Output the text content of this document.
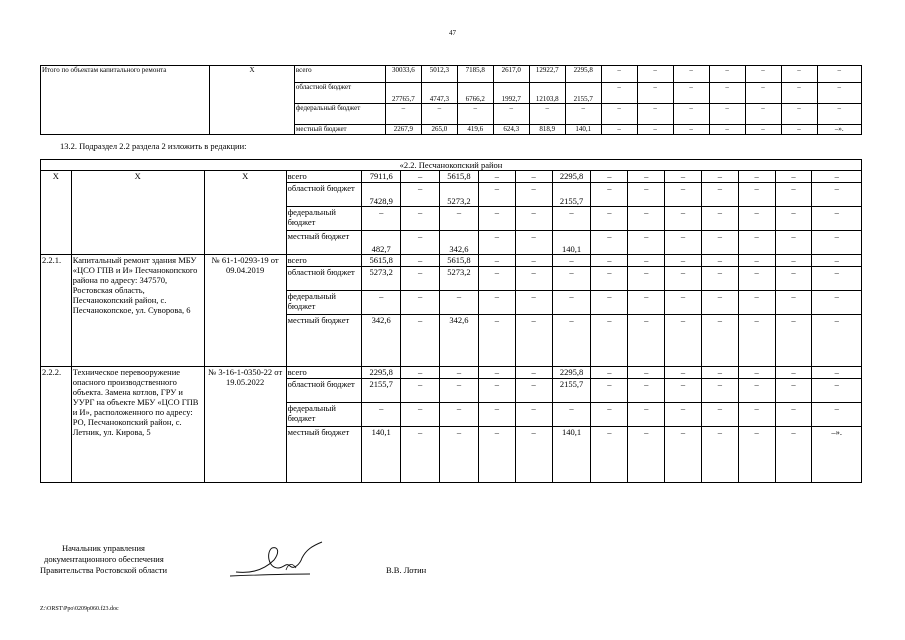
47
Итого по объектам капитального ремонта	Х	всего	30033,6	5012,3	7185,8	2617,0	12922,7	2295,8	–	–	–	–	–	–	–
		областной бюджет	27765,7	4747,3	6766,2	1992,7	12103,8	2155,7	–	–	–	–	–	–	–
		федеральный бюджет	–	–	–	–	–	–	–	–	–	–	–	–	–
		местный бюджет	2267,9	265,0	419,6	624,3	818,9	140,1	–	–	–	–	–	–	–».
13.2. Подраздел 2.2 раздела 2 изложить в редакции:
«2.2. Песчанокопский район																
Х	Х	Х	всего	7911,6	–	5615,8	–	–	2295,8	–	–	–	–	–	–	–
			областной бюджет	7428,9	–	5273,2	–	–	2155,7	–	–	–	–	–	–	–
			федеральный бюджет	–	–	–	–	–	–	–	–	–	–	–	–	–
			местный бюджет	482,7	–	342,6	–	–	140,1	–	–	–	–	–	–	–
2.2.1.	Капитальный ремонт здания МБУ «ЦСО ГПВ и И» Песчанокопского района по адресу: 347570, Ростовская область, Песчанокопский район, с. Песчанокопское, ул. Суворова, 6	№ 61-1-0293-19 от 09.04.2019	всего	5615,8	–	5615,8	–	–	–	–	–	–	–	–	–	–
			областной бюджет	5273,2	–	5273,2	–	–	–	–	–	–	–	–	–	–
			федеральный бюджет	–	–	–	–	–	–	–	–	–	–	–	–	–
			местный бюджет	342,6	–	342,6	–	–	–	–	–	–	–	–	–	–
2.2.2.	Техническое перевооружение опасного производственного объекта. Замена котлов, ГРУ и УУРГ на объекте МБУ «ЦСО ГПВ и И», расположенного по адресу: РО, Песчанокопский район, с. Летник, ул. Кирова, 5	№ 3-16-1-0350-22 от 19.05.2022	всего	2295,8	–	–	–	–	2295,8	–	–	–	–	–	–	–
			областной бюджет	2155,7	–	–	–	–	2155,7	–	–	–	–	–	–	–
			федеральный бюджет	–	–	–	–	–	–	–	–	–	–	–	–	–
			местный бюджет	140,1	–	–	–	–	140,1	–	–	–	–	–	–	–».
Начальник управления
документационного обеспечения
Правительства Ростовской области	В.В. Лотин
Z:\ORST\Ppo\0209p060.f23.doc
